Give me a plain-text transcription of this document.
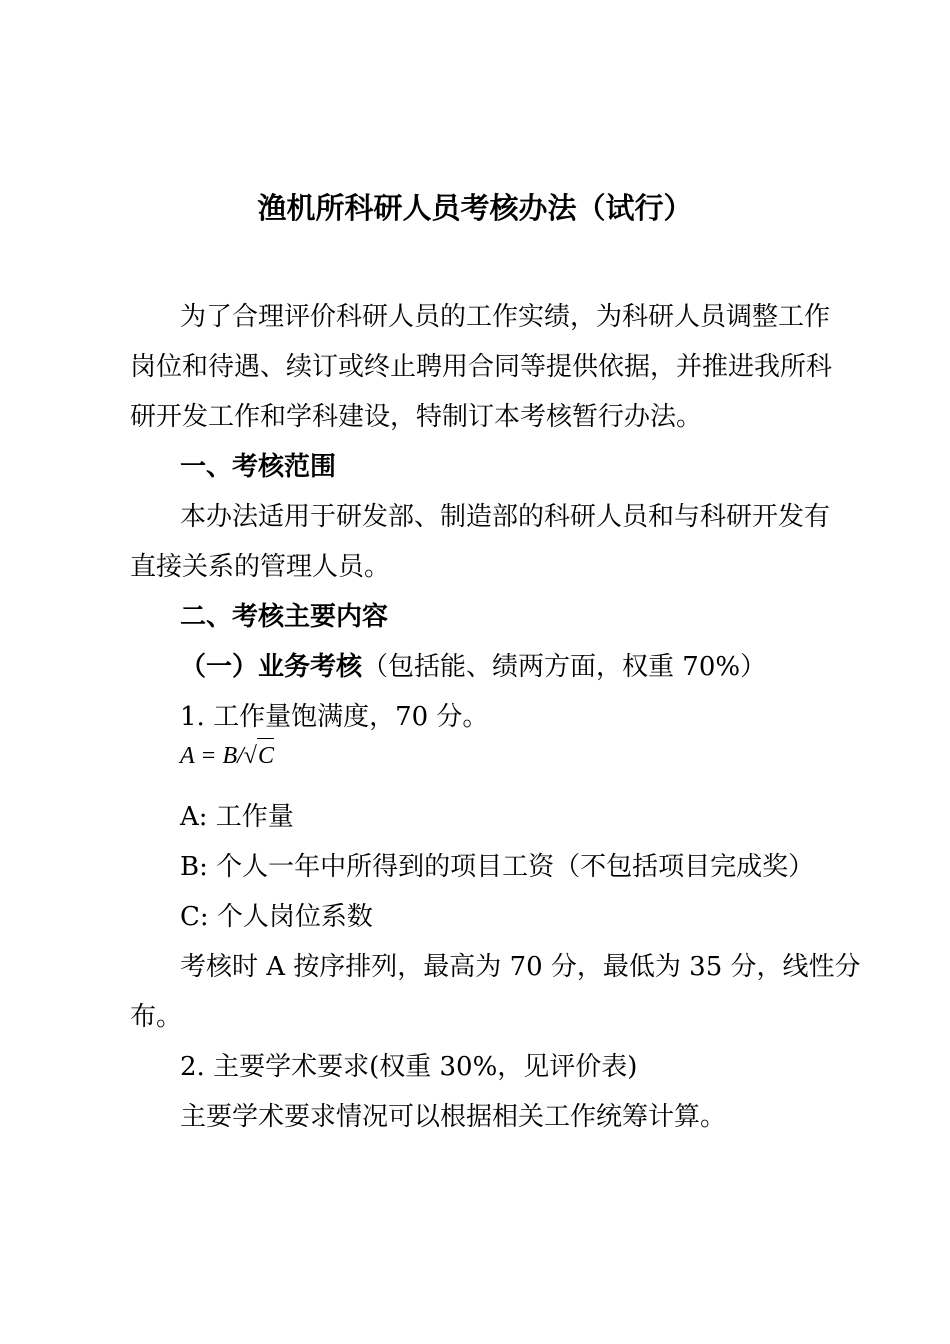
渔机所科研人员考核办法（试行）
为了合理评价科研人员的工作实绩，为科研人员调整工作
岗位和待遇、续订或终止聘用合同等提供依据，并推进我所科
研开发工作和学科建设，特制订本考核暂行办法。
一、考核范围
本办法适用于研发部、制造部的科研人员和与科研开发有
直接关系的管理人员。
二、考核主要内容
（一）业务考核（包括能、绩两方面，权重 70%）
1. 工作量饱满度，70 分。
A = B/√C
A: 工作量
B: 个人一年中所得到的项目工资（不包括项目完成奖）
C: 个人岗位系数
考核时 A 按序排列，最高为 70 分，最低为 35 分，线性分
布。
2. 主要学术要求(权重 30%，见评价表)
主要学术要求情况可以根据相关工作统筹计算。
